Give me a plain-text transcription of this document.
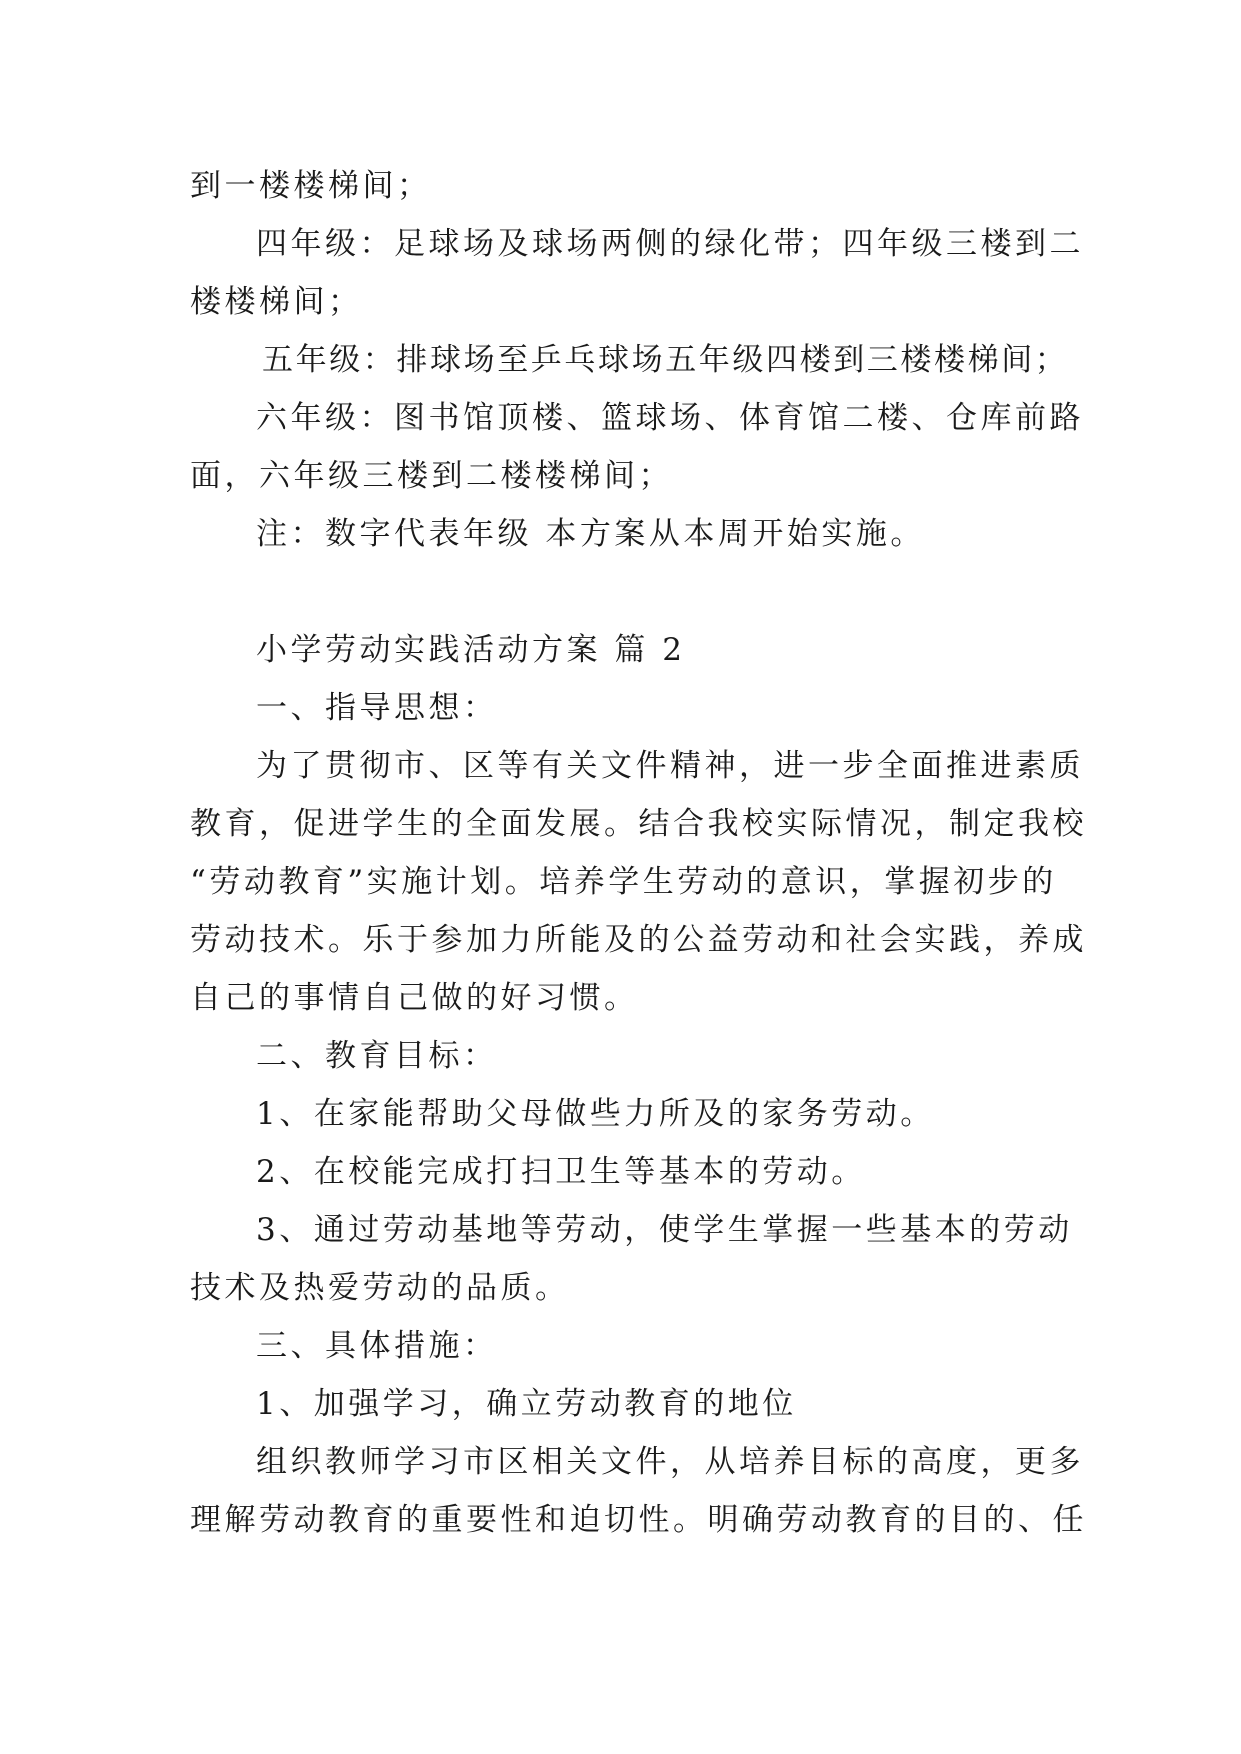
到一楼楼梯间；
四年级：足球场及球场两侧的绿化带；四年级三楼到二
楼楼梯间；
五年级：排球场至乒乓球场五年级四楼到三楼楼梯间；
六年级：图书馆顶楼、篮球场、体育馆二楼、仓库前路
面，六年级三楼到二楼楼梯间；
注：数字代表年级 本方案从本周开始实施。
小学劳动实践活动方案 篇 2
一、指导思想：
为了贯彻市、区等有关文件精神，进一步全面推进素质
教育，促进学生的全面发展。结合我校实际情况，制定我校
“劳动教育”实施计划。培养学生劳动的意识，掌握初步的
劳动技术。乐于参加力所能及的公益劳动和社会实践，养成
自己的事情自己做的好习惯。
二、教育目标：
1、在家能帮助父母做些力所及的家务劳动。
2、在校能完成打扫卫生等基本的劳动。
3、通过劳动基地等劳动，使学生掌握一些基本的劳动
技术及热爱劳动的品质。
三、具体措施：
1、加强学习，确立劳动教育的地位
组织教师学习市区相关文件，从培养目标的高度，更多
理解劳动教育的重要性和迫切性。明确劳动教育的目的、任
